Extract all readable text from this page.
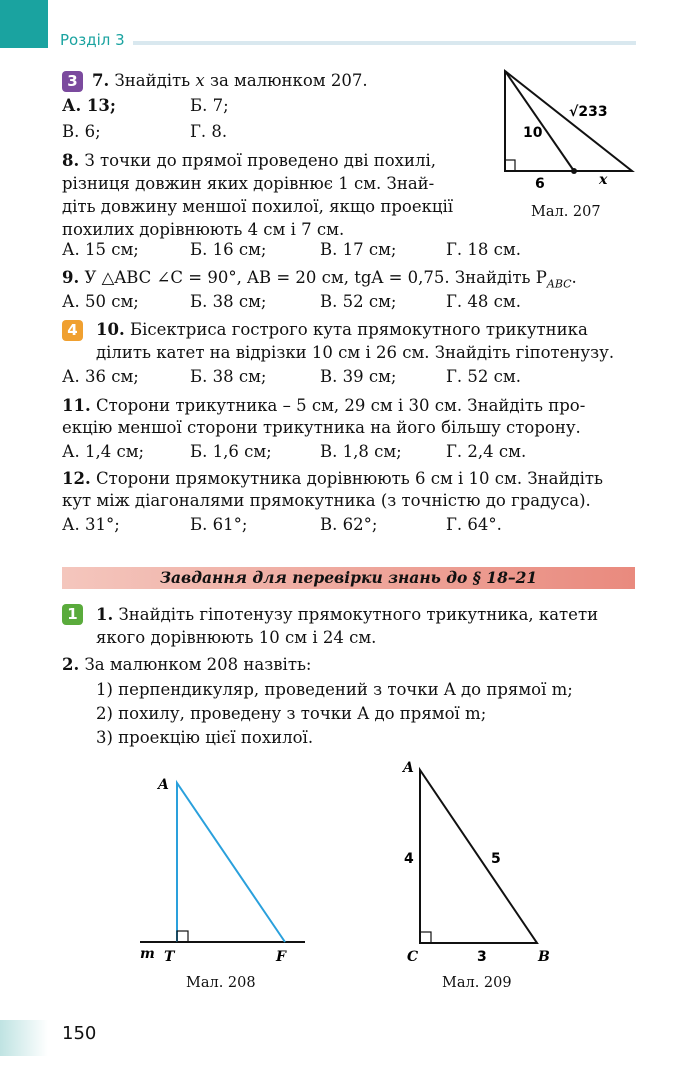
Розділ 3
3 7. Знайдіть x за малюнком 207.
А. 13;	Б. 7;
В. 6;	Г. 8.	10
√233
6	x
Мал. 207
8. З точки до прямої проведено дві похилі,
різниця довжин яких дорівнює 1 см. Знай-
діть довжину меншої похилої, якщо проекції
похилих дорівнюють 4 см і 7 см.
А. 15 см;	Б. 16 см;	В. 17 см;	Г. 18 см.
9. У △ABC ∠C = 90°, AB = 20 см, tgA = 0,75. Знайдіть $P_{ABC}$.
А. 50 см;	Б. 38 см;	В. 52 см;	Г. 48 см.
4	10. Бісектриса гострого кута прямокутного трикутника
ділить катет на відрізки 10 см і 26 см. Знайдіть гіпотенузу.
А. 36 см;	Б. 38 см;	В. 39 см;	Г. 52 см.
11. Сторони трикутника – 5 см, 29 см і 30 см. Знайдіть про-
екцію меншої сторони трикутника на його більшу сторону.
А. 1,4 см;	Б. 1,6 см;	В. 1,8 см;	Г. 2,4 см.
12. Сторони прямокутника дорівнюють 6 см і 10 см. Знайдіть
кут між діагоналями прямокутника (з точністю до градуса).
А. 31°;	Б. 61°;	В. 62°;	Г. 64°.
Завдання для перевірки знань до § 18–21
1	1. Знайдіть гіпотенузу прямокутного трикутника, катети
якого дорівнюють 10 см і 24 см.
2. За малюнком 208 назвіть:
1) перпендикуляр, проведений з точки A до прямої m;
2) похилу, проведену з точки A до прямої m;
3) проекцію цієї похилої.
A
T	F
m
Мал. 208
A
C	B
4	5
3
Мал. 209
150
